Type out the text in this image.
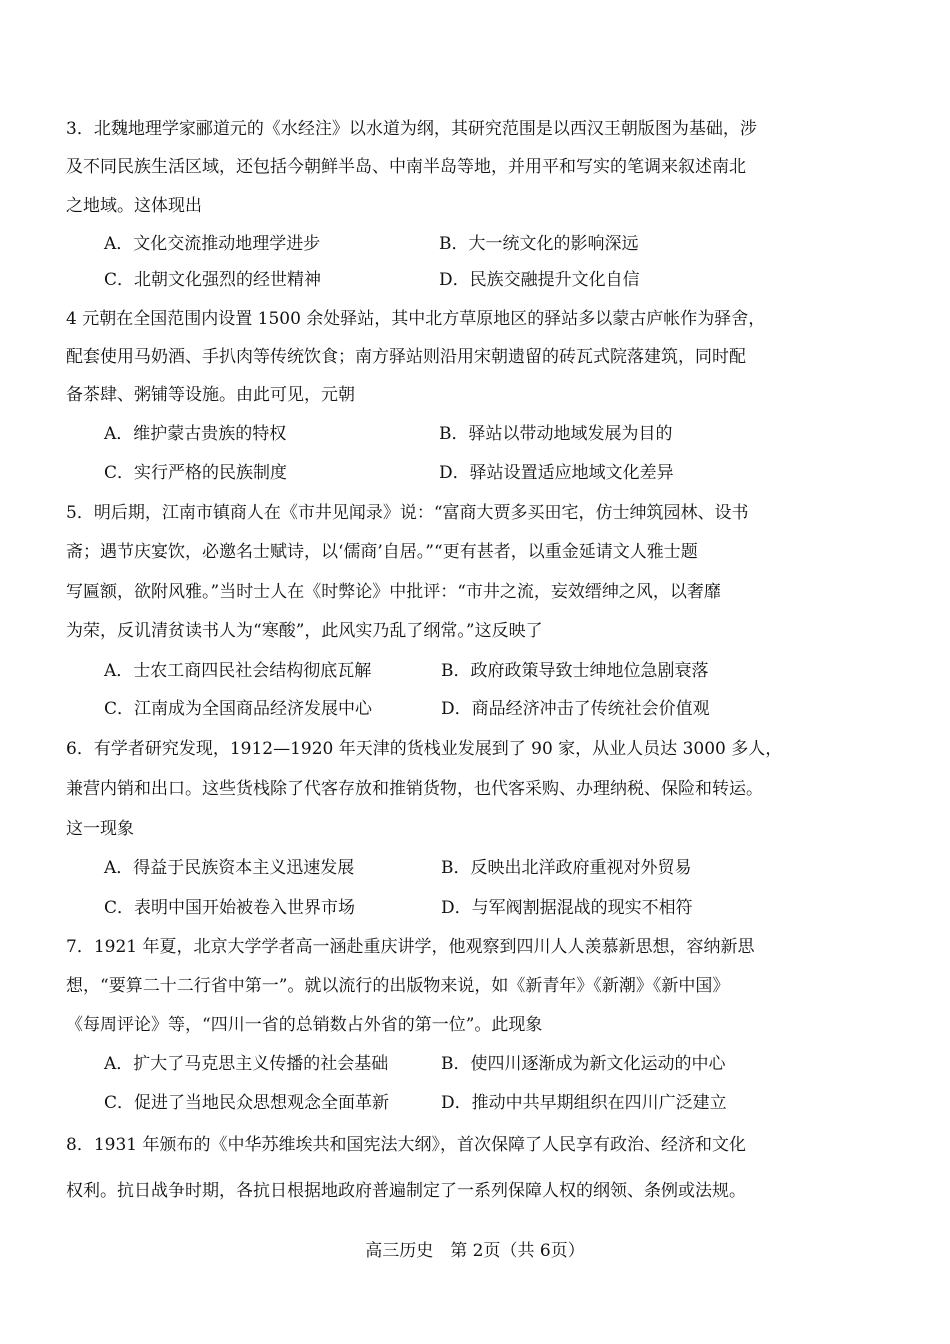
3．北魏地理学家郦道元的《水经注》以水道为纲，其研究范围是以西汉王朝版图为基础，涉
及不同民族生活区域，还包括今朝鲜半岛、中南半岛等地，并用平和写实的笔调来叙述南北
之地域。这体现出
A．文化交流推动地理学进步	B．大一统文化的影响深远
C．北朝文化强烈的经世精神	D．民族交融提升文化自信
4 元朝在全国范围内设置 1500 余处驿站，其中北方草原地区的驿站多以蒙古庐帐作为驿舍，
配套使用马奶酒、手扒肉等传统饮食；南方驿站则沿用宋朝遗留的砖瓦式院落建筑，同时配
备茶肆、粥铺等设施。由此可见，元朝
A．维护蒙古贵族的特权	B．驿站以带动地域发展为目的
C．实行严格的民族制度	D．驿站设置适应地域文化差异
5．明后期，江南市镇商人在《市井见闻录》说：“富商大贾多买田宅，仿士绅筑园林、设书
斋；遇节庆宴饮，必邀名士赋诗，以‘儒商’自居。”“更有甚者，以重金延请文人雅士题
写匾额，欲附风雅。”当时士人在《时弊论》中批评：“市井之流，妄效缙绅之风，以奢靡
为荣，反讥清贫读书人为“寒酸”，此风实乃乱了纲常。”这反映了
A．士农工商四民社会结构彻底瓦解	B．政府政策导致士绅地位急剧衰落
C．江南成为全国商品经济发展中心	D．商品经济冲击了传统社会价值观
6．有学者研究发现，1912—1920 年天津的货栈业发展到了 90 家，从业人员达 3000 多人，
兼营内销和出口。这些货栈除了代客存放和推销货物，也代客采购、办理纳税、保险和转运。
这一现象
A．得益于民族资本主义迅速发展	B．反映出北洋政府重视对外贸易
C．表明中国开始被卷入世界市场	D．与军阀割据混战的现实不相符
7．1921 年夏，北京大学学者高一涵赴重庆讲学，他观察到四川人人羡慕新思想，容纳新思
想，“要算二十二行省中第一”。就以流行的出版物来说，如《新青年》《新潮》《新中国》
《每周评论》等，“四川一省的总销数占外省的第一位”。此现象
A．扩大了马克思主义传播的社会基础	B．使四川逐渐成为新文化运动的中心
C．促进了当地民众思想观念全面革新	D．推动中共早期组织在四川广泛建立
8．1931 年颁布的《中华苏维埃共和国宪法大纲》，首次保障了人民享有政治、经济和文化
权利。抗日战争时期，各抗日根据地政府普遍制定了一系列保障人权的纲领、条例或法规。
高三历史　第 2页（共 6页）
